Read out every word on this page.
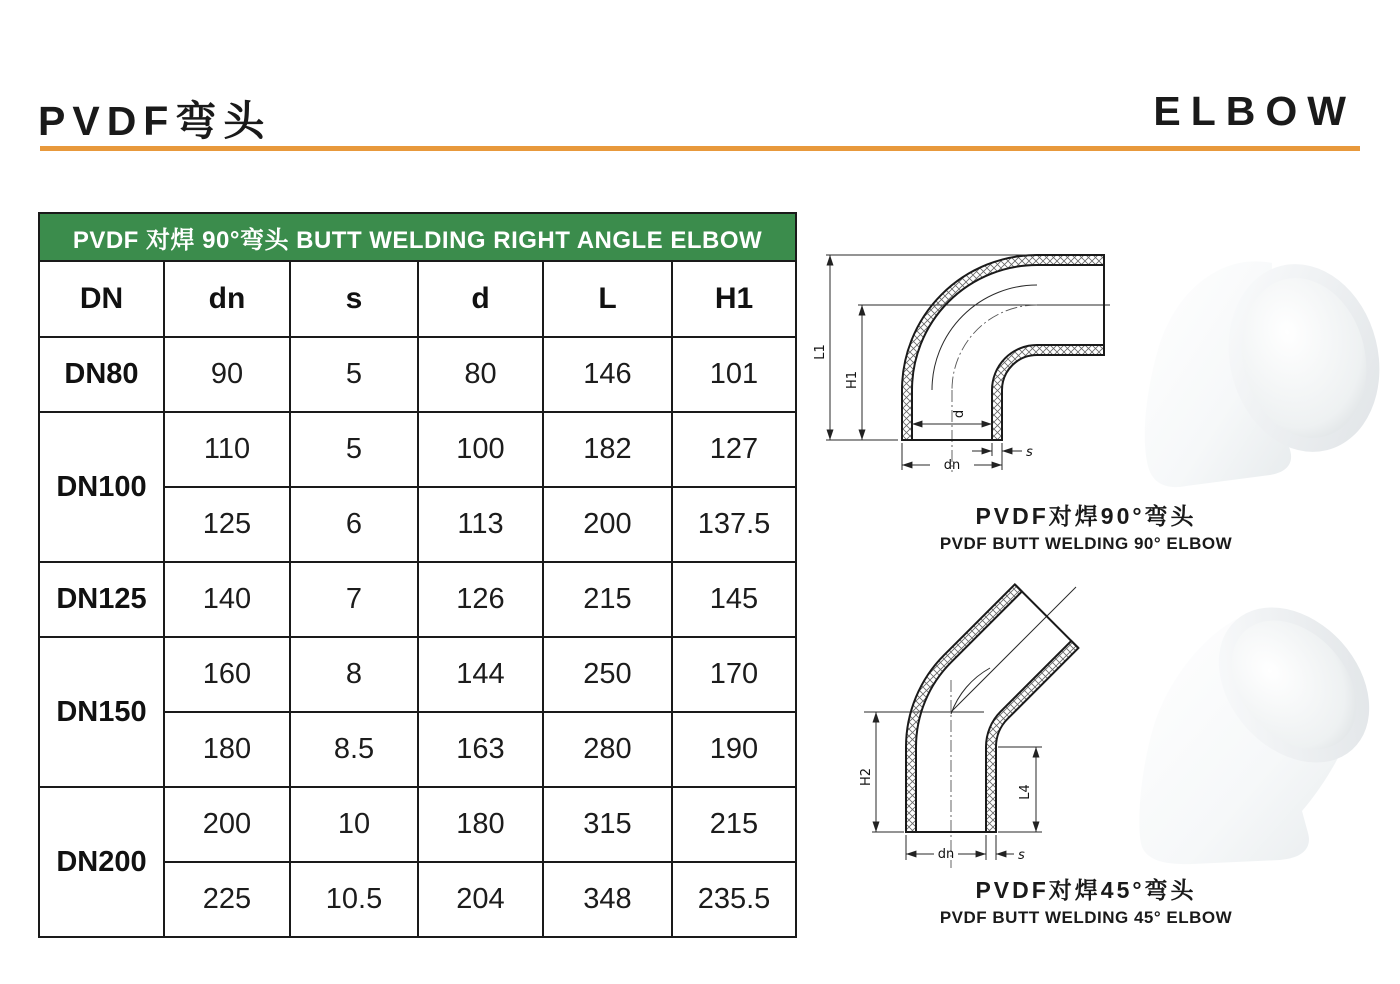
PVDF弯头	ELBOW
PVDF 对焊 90°弯头 BUTT WELDING RIGHT ANGLE ELBOW					
DN	dn	s	d	L	H1
DN80	90	5	80	146	101
DN100	110	5	100	182	127
	125	6	113	200	137.5
DN125	140	7	126	215	145
DN150	160	8	144	250	170
	180	8.5	163	280	190
DN200	200	10	180	315	215
	225	10.5	204	348	235.5
L1
H1
d
dn
s
PVDF对焊90°弯头
PVDF BUTT WELDING 90° ELBOW
H2
L4
dn	s
PVDF对焊45°弯头
PVDF BUTT WELDING 45° ELBOW
